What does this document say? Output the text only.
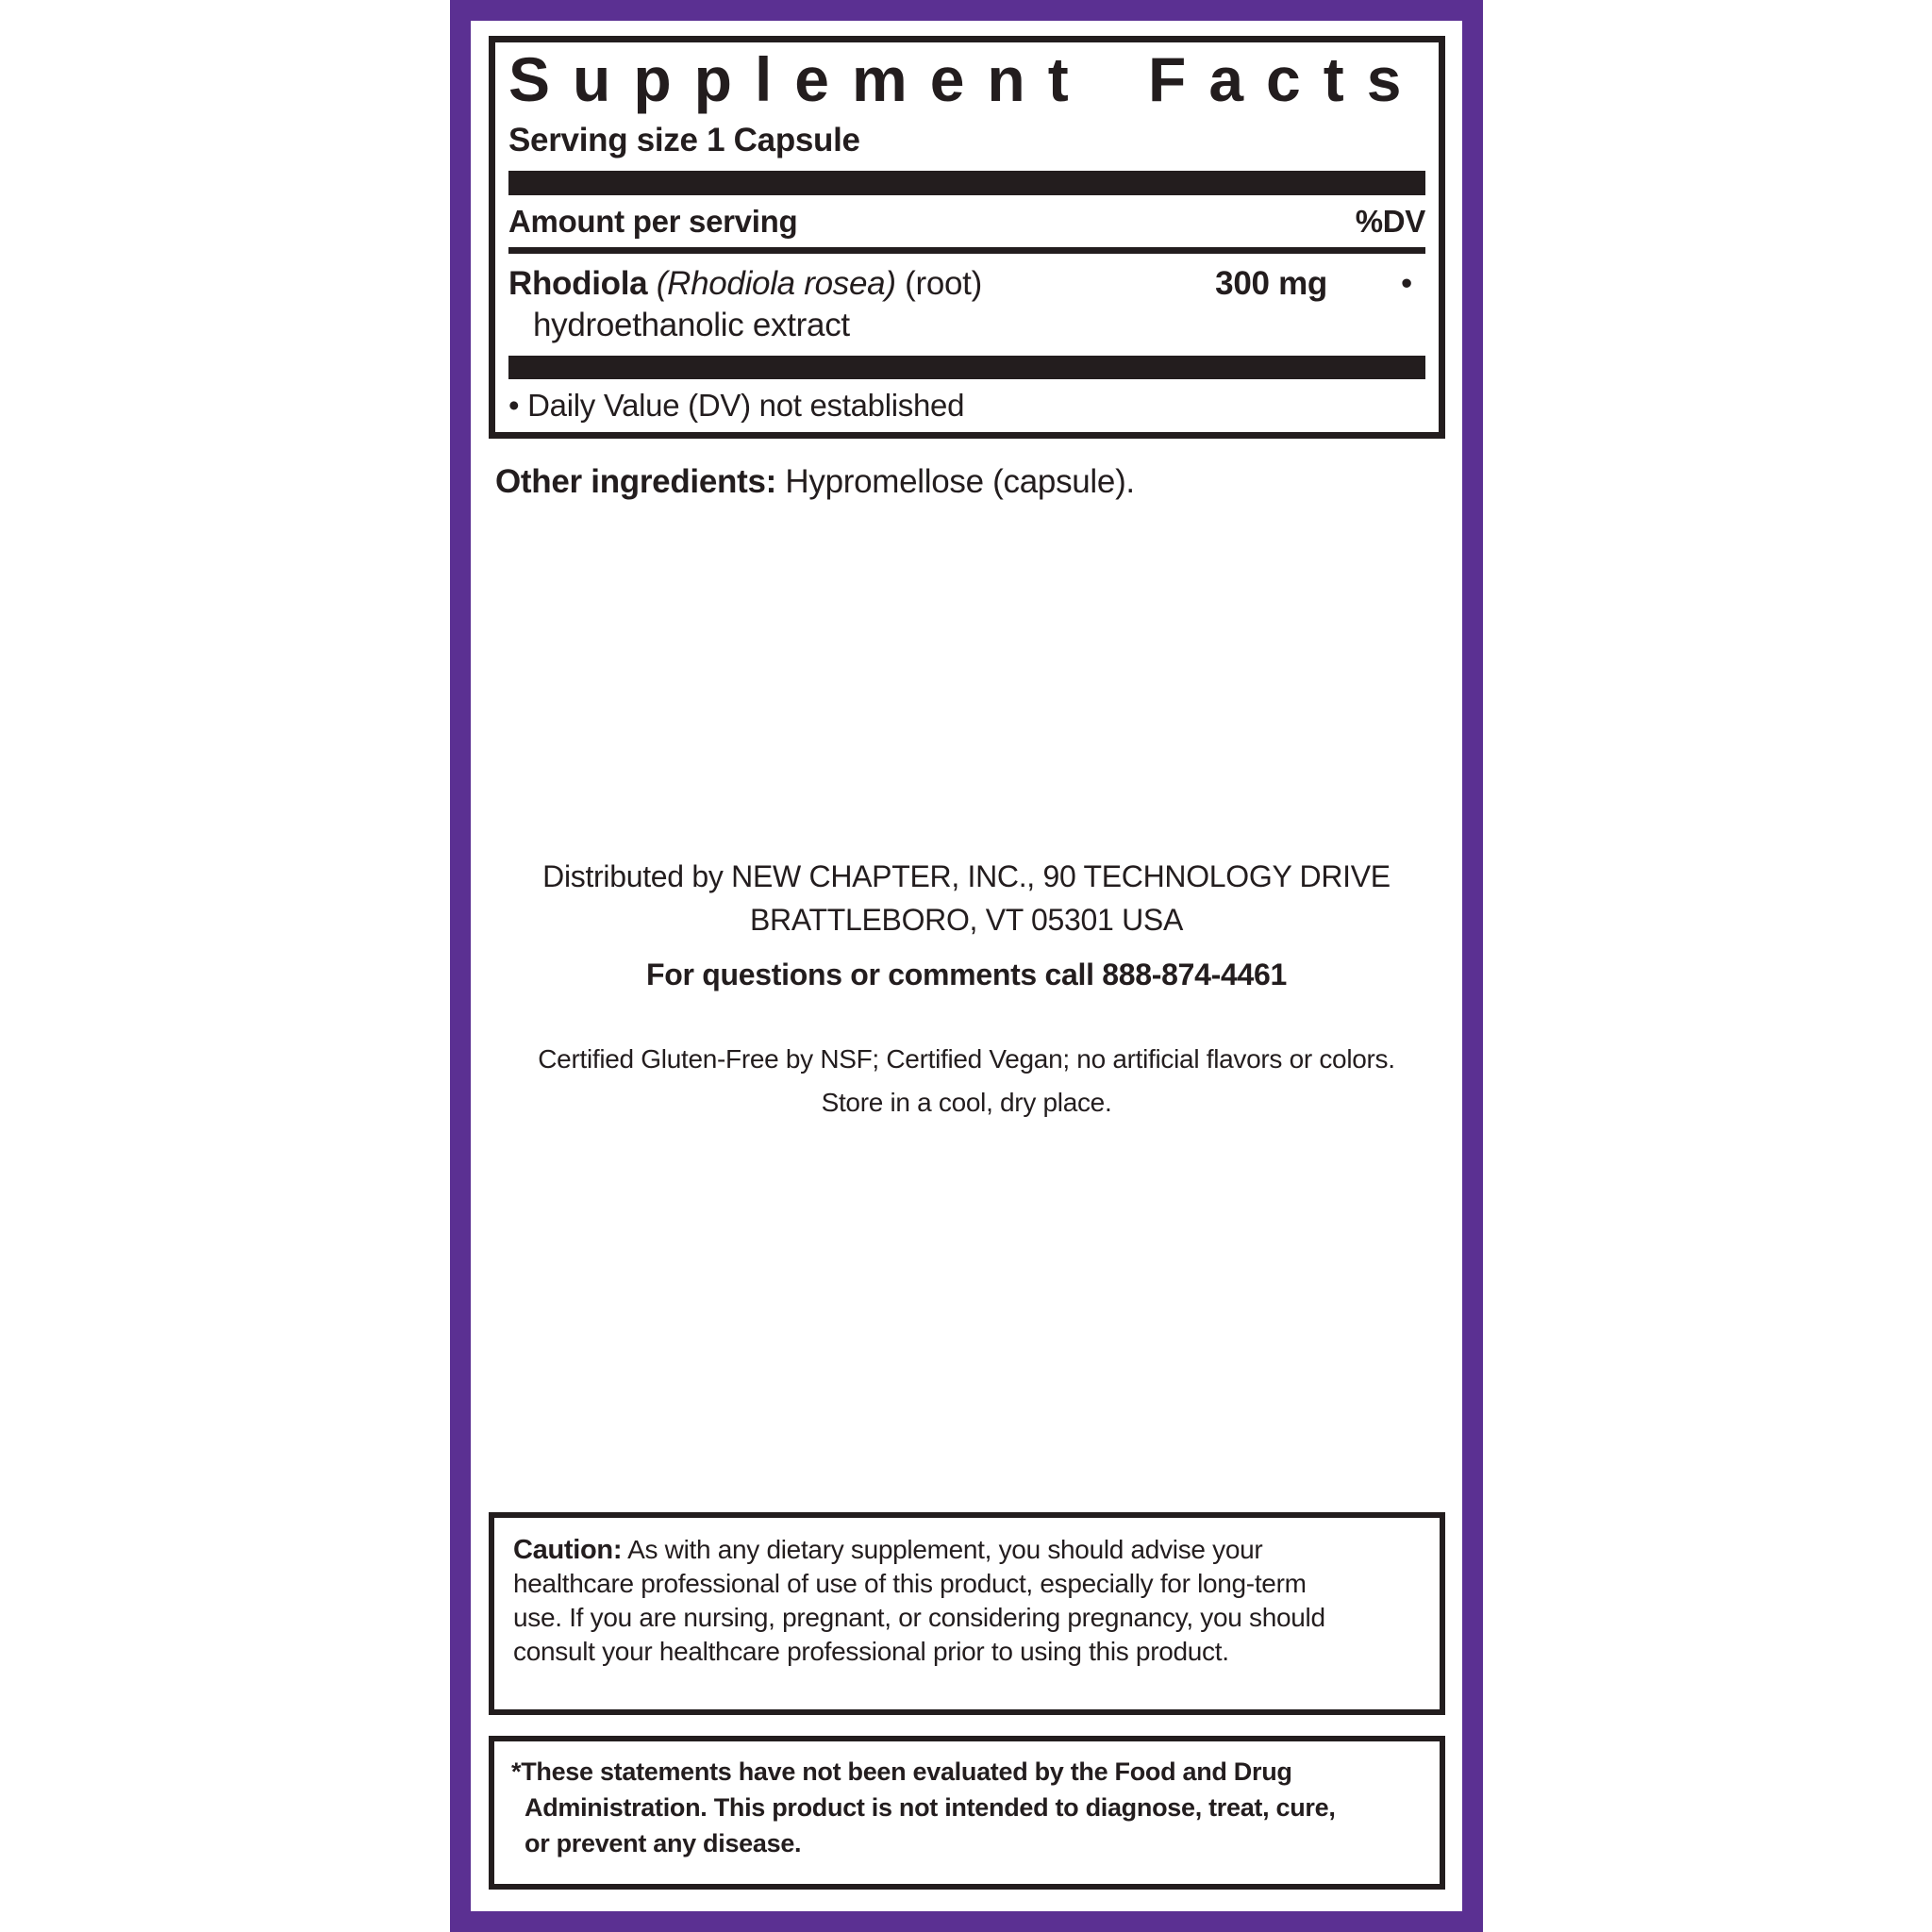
Supplement Facts
Serving size 1 Capsule
Amount per serving	%DV
Rhodiola (Rhodiola rosea) (root)	300 mg	•
hydroethanolic extract
• Daily Value (DV) not established
Other ingredients: Hypromellose (capsule).
Distributed by NEW CHAPTER, INC., 90 TECHNOLOGY DRIVE
BRATTLEBORO, VT 05301 USA
For questions or comments call 888-874-4461
Certified Gluten-Free by NSF; Certified Vegan; no artificial flavors or colors.
Store in a cool, dry place.
Caution: As with any dietary supplement, you should advise your
healthcare professional of use of this product, especially for long-term
use. If you are nursing, pregnant, or considering pregnancy, you should
consult your healthcare professional prior to using this product.
*These statements have not been evaluated by the Food and Drug
Administration. This product is not intended to diagnose, treat, cure,
or prevent any disease.
